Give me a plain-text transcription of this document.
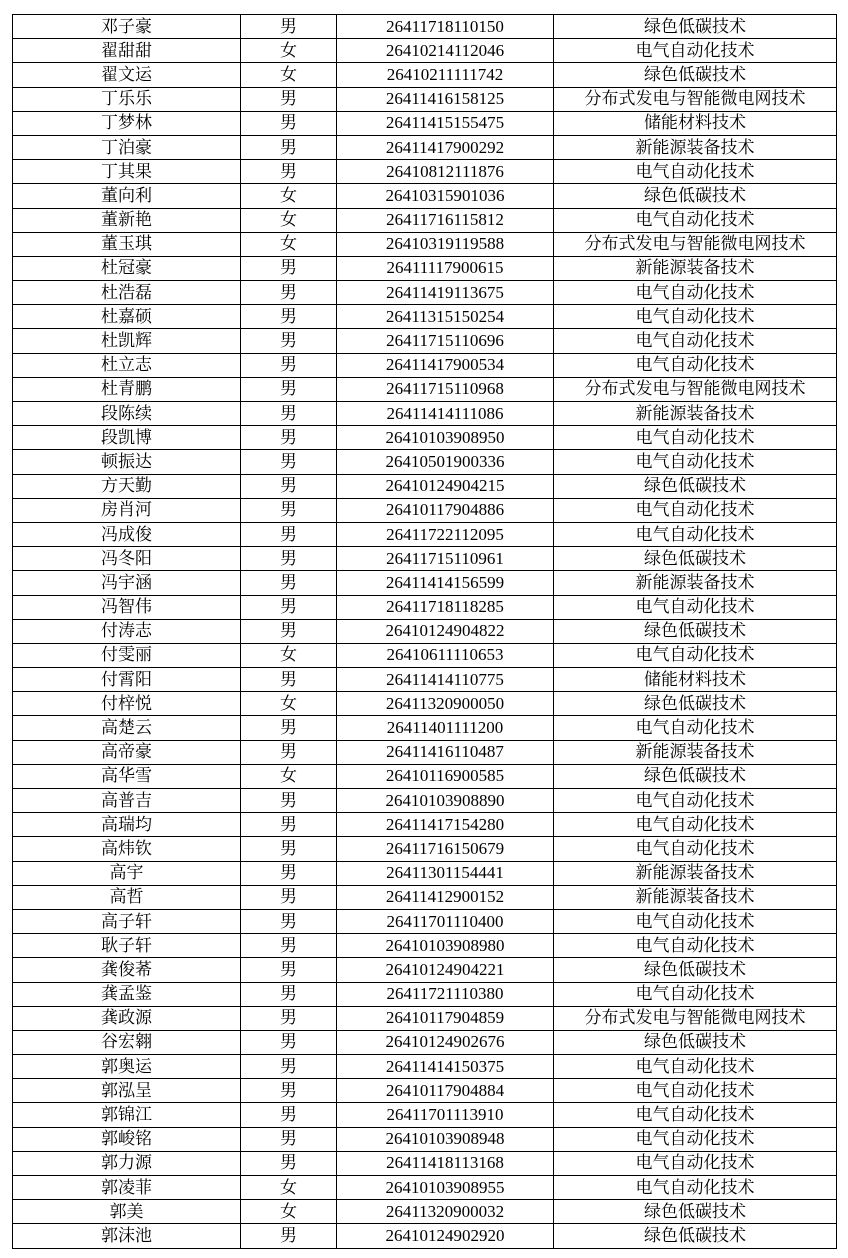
邓子豪	男	26411718110150	绿色低碳技术
翟甜甜	女	26410214112046	电气自动化技术
翟文运	女	26410211111742	绿色低碳技术
丁乐乐	男	26411416158125	分布式发电与智能微电网技术
丁梦林	男	26411415155475	储能材料技术
丁泊豪	男	26411417900292	新能源装备技术
丁其果	男	26410812111876	电气自动化技术
董向利	女	26410315901036	绿色低碳技术
董新艳	女	26411716115812	电气自动化技术
董玉琪	女	26410319119588	分布式发电与智能微电网技术
杜冠豪	男	26411117900615	新能源装备技术
杜浩磊	男	26411419113675	电气自动化技术
杜嘉硕	男	26411315150254	电气自动化技术
杜凯辉	男	26411715110696	电气自动化技术
杜立志	男	26411417900534	电气自动化技术
杜青鹏	男	26411715110968	分布式发电与智能微电网技术
段陈续	男	26411414111086	新能源装备技术
段凯博	男	26410103908950	电气自动化技术
顿振达	男	26410501900336	电气自动化技术
方天勤	男	26410124904215	绿色低碳技术
房肖河	男	26410117904886	电气自动化技术
冯成俊	男	26411722112095	电气自动化技术
冯冬阳	男	26411715110961	绿色低碳技术
冯宇涵	男	26411414156599	新能源装备技术
冯智伟	男	26411718118285	电气自动化技术
付涛志	男	26410124904822	绿色低碳技术
付雯丽	女	26410611110653	电气自动化技术
付霄阳	男	26411414110775	储能材料技术
付梓悦	女	26411320900050	绿色低碳技术
高楚云	男	26411401111200	电气自动化技术
高帝豪	男	26411416110487	新能源装备技术
高华雪	女	26410116900585	绿色低碳技术
高普吉	男	26410103908890	电气自动化技术
高瑞均	男	26411417154280	电气自动化技术
高炜钦	男	26411716150679	电气自动化技术
高宇	男	26411301154441	新能源装备技术
高哲	男	26411412900152	新能源装备技术
高子轩	男	26411701110400	电气自动化技术
耿子轩	男	26410103908980	电气自动化技术
龚俊莃	男	26410124904221	绿色低碳技术
龚孟鉴	男	26411721110380	电气自动化技术
龚政源	男	26410117904859	分布式发电与智能微电网技术
谷宏翱	男	26410124902676	绿色低碳技术
郭奥运	男	26411414150375	电气自动化技术
郭泓呈	男	26410117904884	电气自动化技术
郭锦江	男	26411701113910	电气自动化技术
郭峻铭	男	26410103908948	电气自动化技术
郭力源	男	26411418113168	电气自动化技术
郭凌菲	女	26410103908955	电气自动化技术
郭美	女	26411320900032	绿色低碳技术
郭沫池	男	26410124902920	绿色低碳技术
